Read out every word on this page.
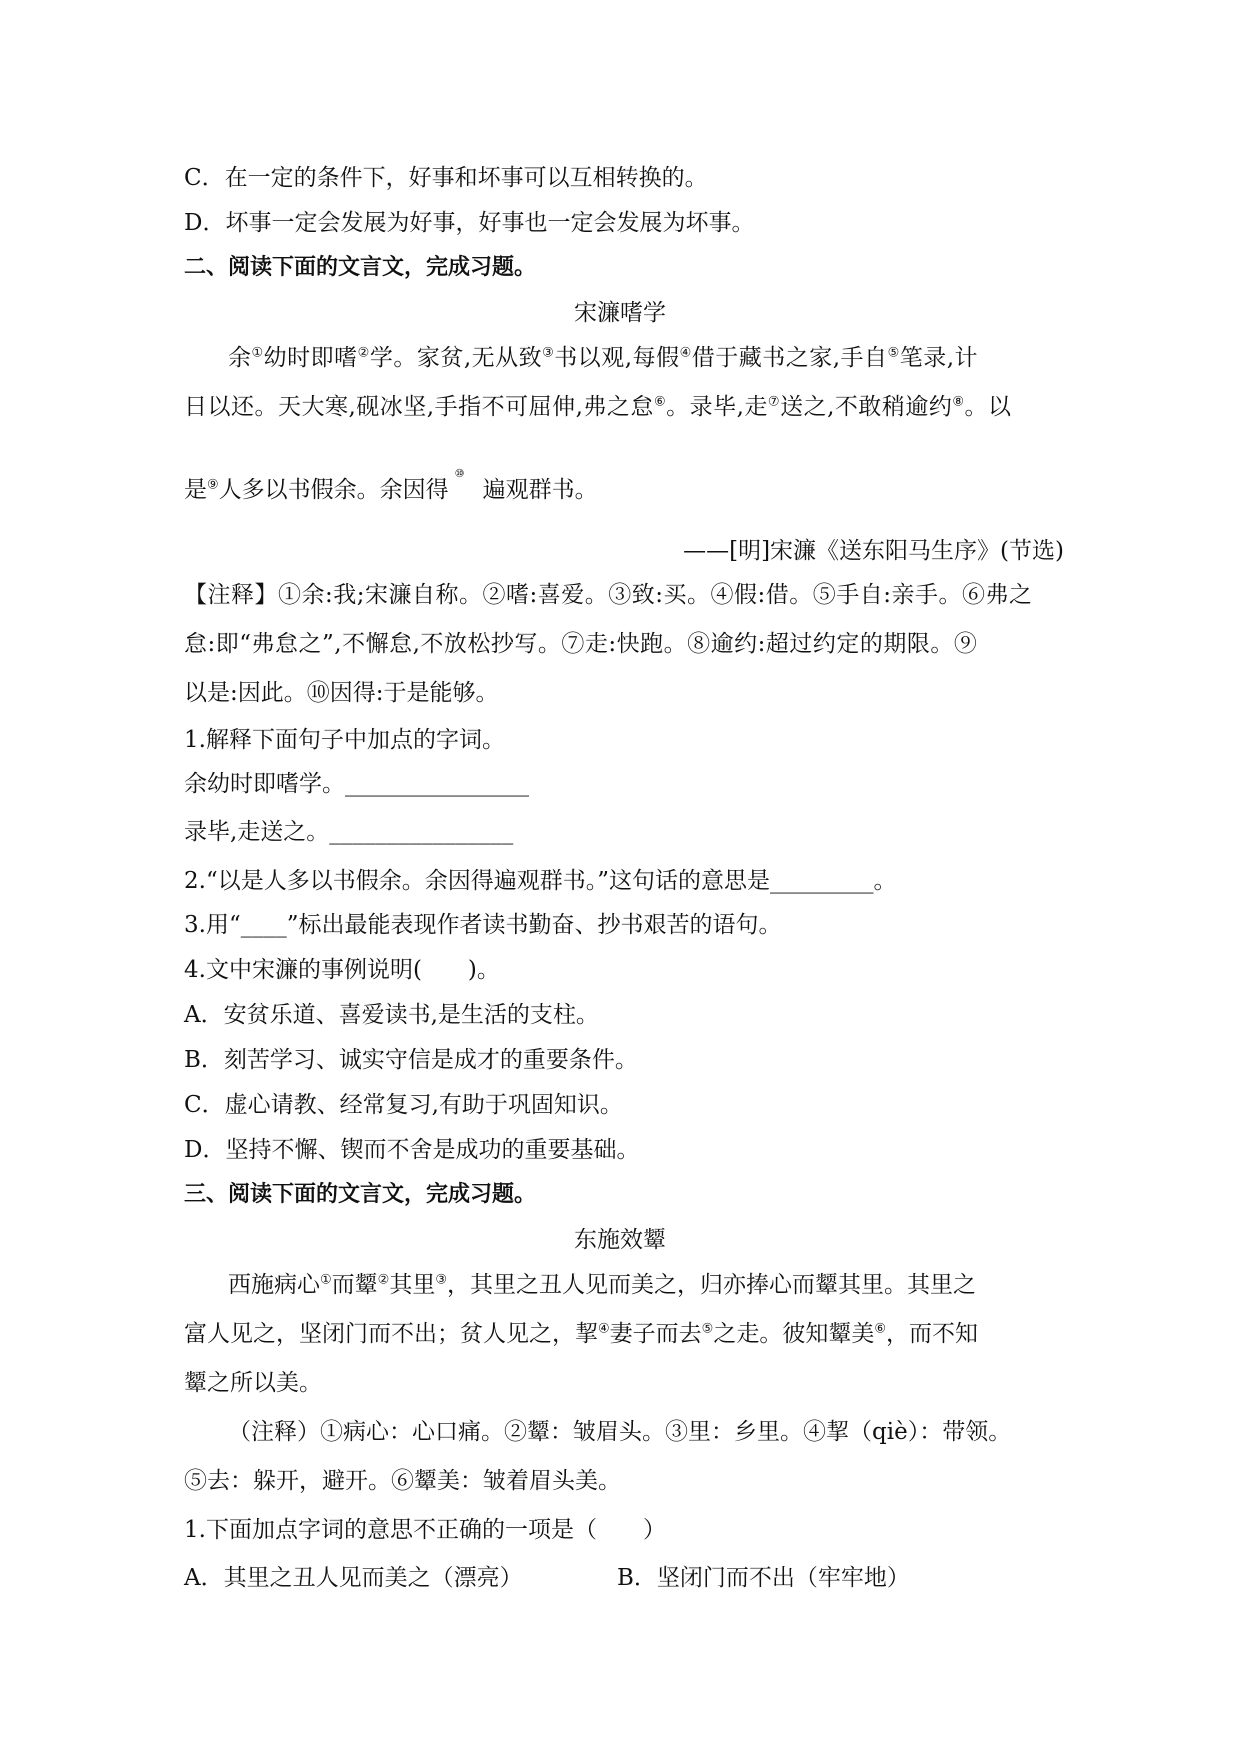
C．在一定的条件下，好事和坏事可以互相转换的。
D．坏事一定会发展为好事，好事也一定会发展为坏事。
二、阅读下面的文言文，完成习题。
宋濂嗜学
余①幼时即嗜②学。家贫,无从致③书以观,每假④借于藏书之家,手自⑤笔录,计
日以还。天大寒,砚冰坚,手指不可屈伸,弗之怠⑥。录毕,走⑦送之,不敢稍逾约⑧。以
是⑨人多以书假余。余因得
⑩
遍观群书。
——[明]宋濂《送东阳马生序》(节选)
【注释】①余:我;宋濂自称。②嗜:喜爱。③致:买。④假:借。⑤手自:亲手。⑥弗之
怠:即“弗怠之”,不懈怠,不放松抄写。⑦走:快跑。⑧逾约:超过约定的期限。⑨
以是:因此。⑩因得:于是能够。
1.解释下面句子中加点的字词。
余幼时即嗜学。________________
录毕,走送之。________________
2.“以是人多以书假余。余因得遍观群书。”这句话的意思是_________。
3.用“____”标出最能表现作者读书勤奋、抄书艰苦的语句。
4.文中宋濂的事例说明(　　)。
A．安贫乐道、喜爱读书,是生活的支柱。
B．刻苦学习、诚实守信是成才的重要条件。
C．虚心请教、经常复习,有助于巩固知识。
D．坚持不懈、锲而不舍是成功的重要基础。
三、阅读下面的文言文，完成习题。
东施效颦
西施病心①而颦②其里③，其里之丑人见而美之，归亦捧心而颦其里。其里之
富人见之，坚闭门而不出；贫人见之，挈④妻子而去⑤之走。彼知颦美⑥，而不知
颦之所以美。
（注释）①病心：心口痛。②颦：皱眉头。③里：乡里。④挈（qiè）：带领。
⑤去：躲开，避开。⑥颦美：皱着眉头美。
1.下面加点字词的意思不正确的一项是（　　）
A．其里之丑人见而美之（漂亮）	B．坚闭门而不出（牢牢地）
